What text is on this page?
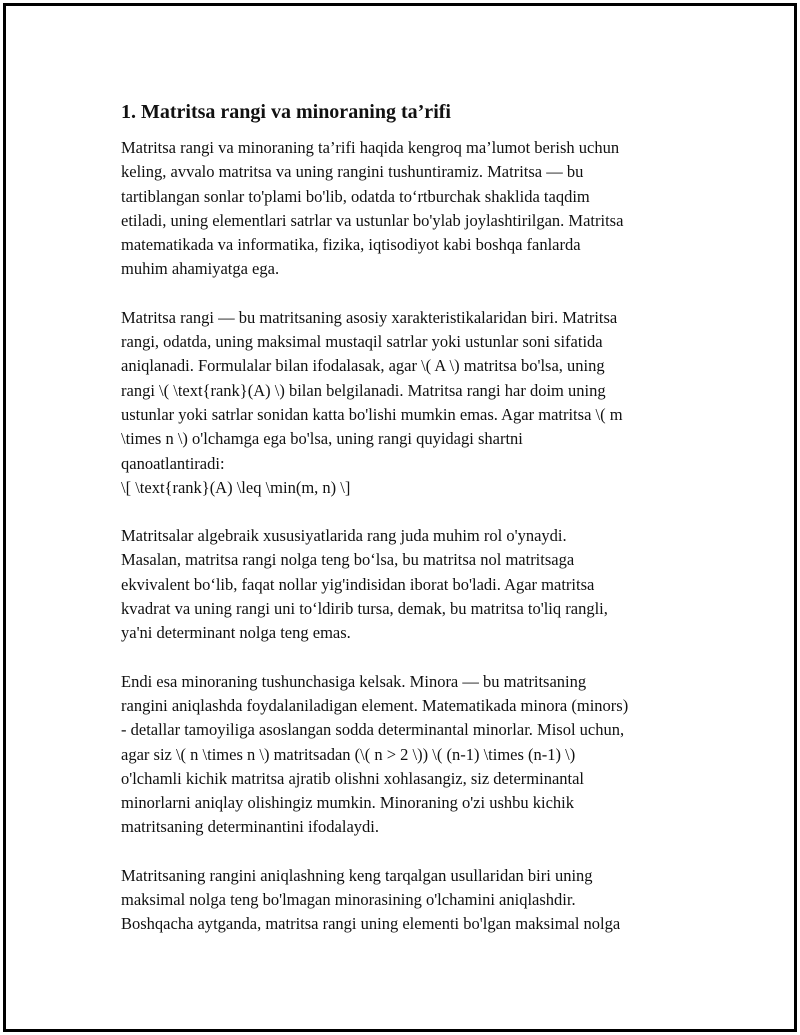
1. Matritsa rangi va minoraning ta’rifi
Matritsa rangi va minoraning ta’rifi haqida kengroq ma’lumot berish uchun
keling, avvalo matritsa va uning rangini tushuntiramiz. Matritsa — bu
tartiblangan sonlar to'plami bo'lib, odatda to‘rtburchak shaklida taqdim
etiladi, uning elementlari satrlar va ustunlar bo'ylab joylashtirilgan. Matritsa
matematikada va informatika, fizika, iqtisodiyot kabi boshqa fanlarda
muhim ahamiyatga ega.
Matritsa rangi — bu matritsaning asosiy xarakteristikalaridan biri. Matritsa
rangi, odatda, uning maksimal mustaqil satrlar yoki ustunlar soni sifatida
aniqlanadi. Formulalar bilan ifodalasak, agar \( A \) matritsa bo'lsa, uning
rangi \( \text{rank}(A) \) bilan belgilanadi. Matritsa rangi har doim uning
ustunlar yoki satrlar sonidan katta bo'lishi mumkin emas. Agar matritsa \( m
\times n \) o'lchamga ega bo'lsa, uning rangi quyidagi shartni
qanoatlantiradi:
\[ \text{rank}(A) \leq \min(m, n) \]
Matritsalar algebraik xususiyatlarida rang juda muhim rol o'ynaydi.
Masalan, matritsa rangi nolga teng bo‘lsa, bu matritsa nol matritsaga
ekvivalent bo‘lib, faqat nollar yig'indisidan iborat bo'ladi. Agar matritsa
kvadrat va uning rangi uni to‘ldirib tursa, demak, bu matritsa to'liq rangli,
ya'ni determinant nolga teng emas.
Endi esa minoraning tushunchasiga kelsak. Minora — bu matritsaning
rangini aniqlashda foydalaniladigan element. Matematikada minora (minors)
- detallar tamoyiliga asoslangan sodda determinantal minorlar. Misol uchun,
agar siz \( n \times n \) matritsadan (\( n > 2 \)) \( (n-1) \times (n-1) \)
o'lchamli kichik matritsa ajratib olishni xohlasangiz, siz determinantal
minorlarni aniqlay olishingiz mumkin. Minoraning o'zi ushbu kichik
matritsaning determinantini ifodalaydi.
Matritsaning rangini aniqlashning keng tarqalgan usullaridan biri uning
maksimal nolga teng bo'lmagan minorasining o'lchamini aniqlashdir.
Boshqacha aytganda, matritsa rangi uning elementi bo'lgan maksimal nolga
